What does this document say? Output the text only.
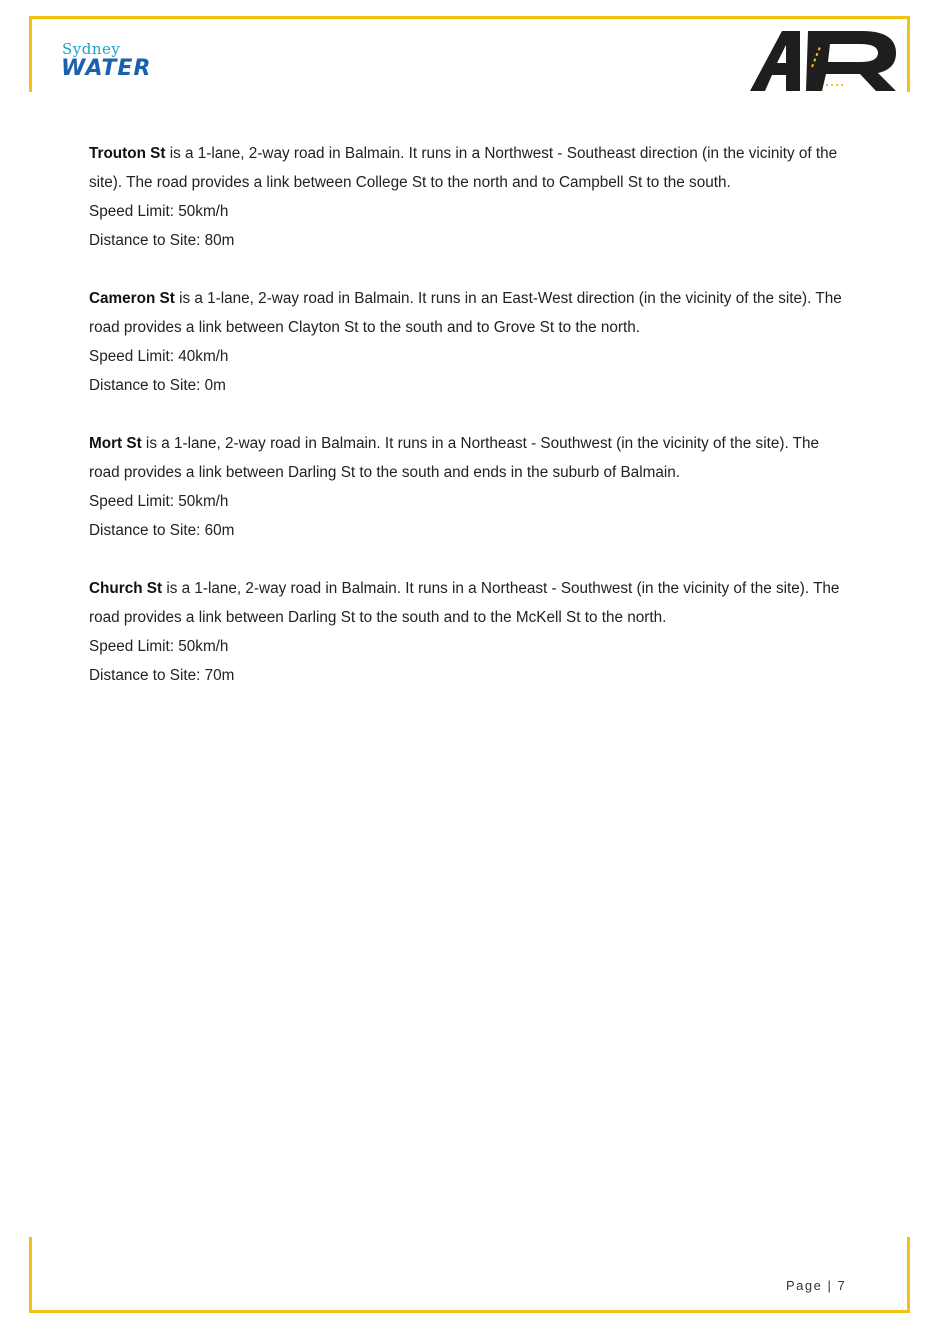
Sydney
WATER

Trouton St is a 1-lane, 2-way road in Balmain. It runs in a Northwest - Southeast direction (in the vicinity of the site). The road provides a link between College St to the north and to Campbell St to the south.

Speed Limit: 50km/h

Distance to Site: 80m

Cameron St is a 1-lane, 2-way road in Balmain. It runs in an East-West direction (in the vicinity of the site). The road provides a link between Clayton St to the south and to Grove St to the north.

Speed Limit: 40km/h

Distance to Site: 0m

Mort St is a 1-lane, 2-way road in Balmain. It runs in a Northeast - Southwest (in the vicinity of the site). The road provides a link between Darling St to the south and ends in the suburb of Balmain.

Speed Limit: 50km/h

Distance to Site: 60m

Church St is a 1-lane, 2-way road in Balmain. It runs in a Northeast - Southwest (in the vicinity of the site). The road provides a link between Darling St to the south and to the McKell St to the north.

Speed Limit: 50km/h

Distance to Site: 70m

Page | 7
